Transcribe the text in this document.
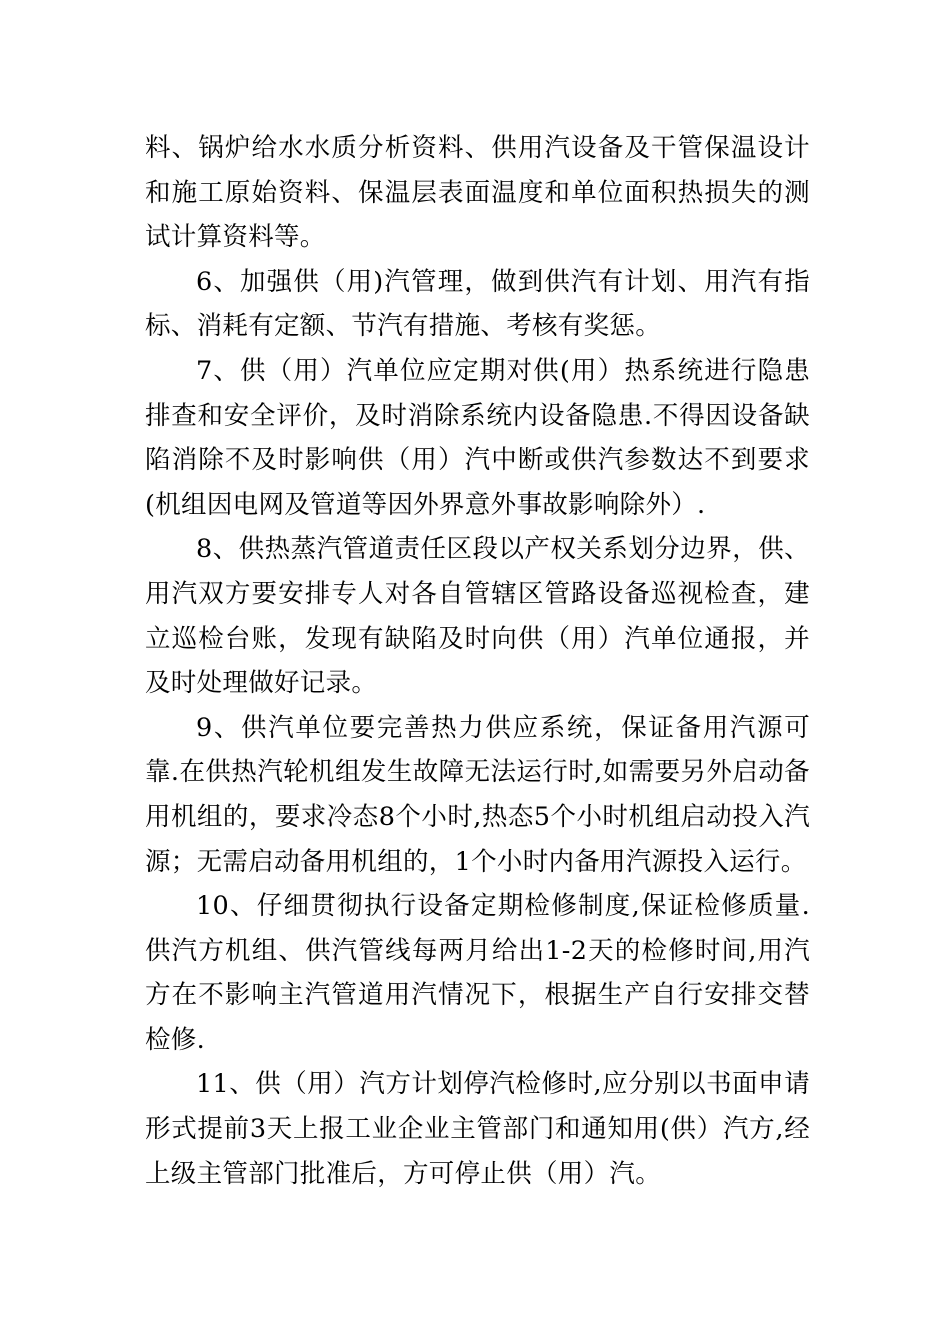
料、锅炉给水水质分析资料、供用汽设备及干管保温设计和施工原始资料、保温层表面温度和单位面积热损失的测试计算资料等。

6、加强供（用)汽管理，做到供汽有计划、用汽有指标、消耗有定额、节汽有措施、考核有奖惩。

7、供（用）汽单位应定期对供(用）热系统进行隐患排查和安全评价，及时消除系统内设备隐患.不得因设备缺陷消除不及时影响供（用）汽中断或供汽参数达不到要求(机组因电网及管道等因外界意外事故影响除外）.

8、供热蒸汽管道责任区段以产权关系划分边界，供、用汽双方要安排专人对各自管辖区管路设备巡视检查，建立巡检台账，发现有缺陷及时向供（用）汽单位通报，并及时处理做好记录。

9、供汽单位要完善热力供应系统，保证备用汽源可靠.在供热汽轮机组发生故障无法运行时,如需要另外启动备用机组的，要求冷态8个小时,热态5个小时机组启动投入汽源；无需启动备用机组的，1个小时内备用汽源投入运行。

10、仔细贯彻执行设备定期检修制度,保证检修质量.供汽方机组、供汽管线每两月给出1-2天的检修时间,用汽方在不影响主汽管道用汽情况下，根据生产自行安排交替检修.

11、供（用）汽方计划停汽检修时,应分别以书面申请形式提前3天上报工业企业主管部门和通知用(供）汽方,经上级主管部门批准后，方可停止供（用）汽。
